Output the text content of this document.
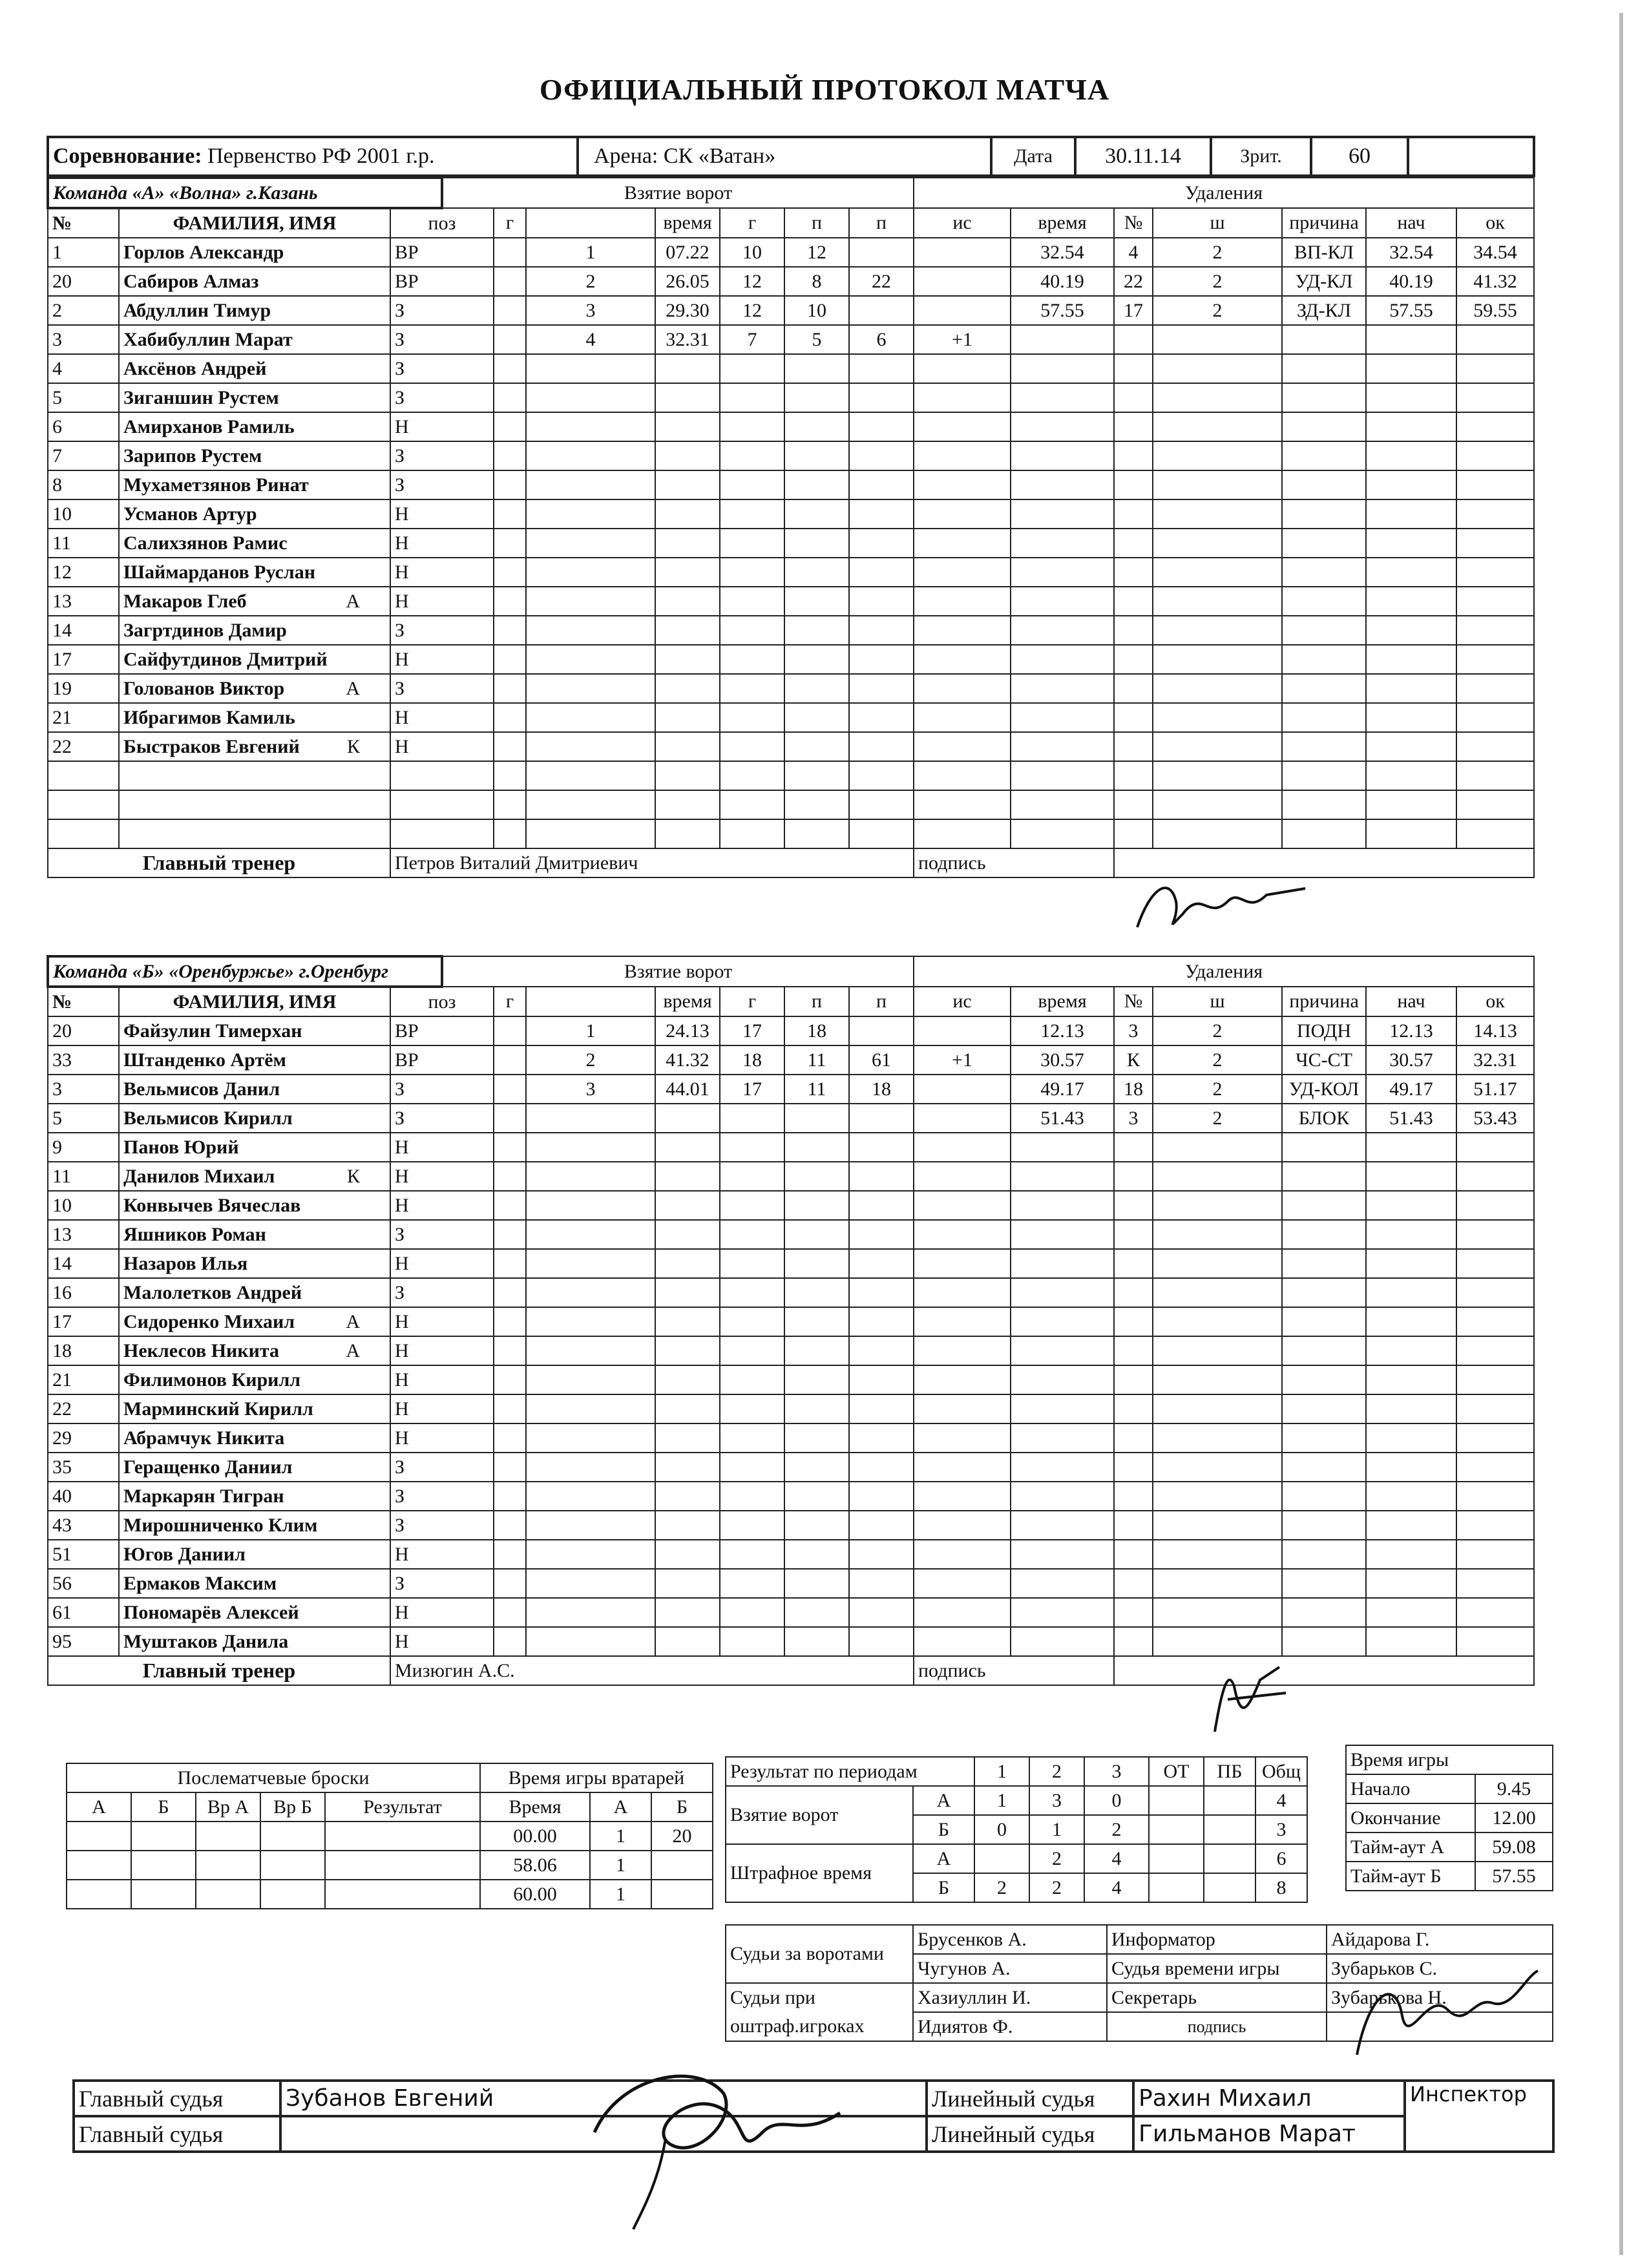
ОФИЦИАЛЬНЫЙ ПРОТОКОЛ МАТЧА
Соревнование: Первенство РФ 2001 г.р.	Арена: СК «Ватан»	Дата	30.11.14	Зрит.	60	
Команда «А» «Волна» г.Казань			Взятие ворот							Удаления						
№	ФАМИЛИЯ, ИМЯ	поз		г		время	г	п	п	ис	время	№	ш	причина	нач	ок
1	Горлов Александр	ВР			1	07.22	10	12			32.54	4	2	ВП-КЛ	32.54	34.54
20	Сабиров Алмаз	ВР			2	26.05	12	8	22		40.19	22	2	УД-КЛ	40.19	41.32
2	Абдуллин Тимур	З			3	29.30	12	10			57.55	17	2	ЗД-КЛ	57.55	59.55
3	Хабибуллин Марат	З			4	32.31	7	5	6	+1						
4	Аксёнов Андрей	З														
5	Зиганшин Рустем	З														
6	Амирханов Рамиль	Н														
7	Зарипов Рустем	З														
8	Мухаметзянов Ринат	З														
10	Усманов Артур	Н														
11	Салихзянов Рамис	Н														
12	Шаймарданов Руслан	Н														
13	Макаров Глеб А	Н														
14	Загртдинов Дамир	З														
17	Сайфутдинов Дмитрий	Н														
19	Голованов Виктор А	З														
21	Ибрагимов Камиль	Н														
22	Быстраков Евгений К	Н														

Главный тренер		Петров Виталий Дмитриевич								подпись						
Команда «Б» «Оренбуржье» г.Оренбург			Взятие ворот							Удаления						
№	ФАМИЛИЯ, ИМЯ	поз		г		время	г	п	п	ис	время	№	ш	причина	нач	ок
20	Файзулин Тимерхан	ВР			1	24.13	17	18			12.13	3	2	ПОДН	12.13	14.13
33	Штанденко Артём	ВР			2	41.32	18	11	61	+1	30.57	К	2	ЧС-СТ	30.57	32.31
3	Вельмисов Данил	З			3	44.01	17	11	18		49.17	18	2	УД-КОЛ	49.17	51.17
5	Вельмисов Кирилл	З									51.43	3	2	БЛОК	51.43	53.43
9	Панов Юрий	Н														
11	Данилов Михаил К	Н														
10	Конвычев Вячеслав	Н														
13	Яшников Роман	З														
14	Назаров Илья	Н														
16	Малолетков Андрей	З														
17	Сидоренко Михаил А	Н														
18	Неклесов Никита А	Н														
21	Филимонов Кирилл	Н														
22	Марминский Кирилл	Н														
29	Абрамчук Никита	Н														
35	Геращенко Даниил	З														
40	Маркарян Тигран	З														
43	Мирошниченко Клим	З														
51	Югов Даниил	Н														
56	Ермаков Максим	З														
61	Пономарёв Алексей	Н														
95	Муштаков Данила	Н														
Главный тренер		Мизюгин А.С.								подпись						
Послематчевые броски				
А	Б	Вр А	Вр Б	Результат

Время игры вратарей		
Время	А	Б
00.00	1	20
58.06	1	
60.00	1	
Результат по периодам		1	2	3	ОТ	ПБ	Общ
Взятие ворот	А	1	3	0			4
	Б	0	1	2			3
Штрафное время	А		2	4			6
	Б	2	2	4			8
Время игры	
Начало	9.45
Окончание	12.00
Тайм-аут А	59.08
Тайм-аут Б	57.55
Судьи за воротами	Брусенков А.	Информатор	Айдарова Г.
	Чугунов А.	Судья времени игры	Зубарьков С.
Судьи при оштраф.игроках	Хазиуллин И.	Секретарь	Зубарькова Н.
	Идиятов Ф.	подпись	
Главный судья	Зубанов Евгений	Линейный судья	Рахин Михаил	Инспектор
Главный судья		Линейный судья	Гильманов Марат	
